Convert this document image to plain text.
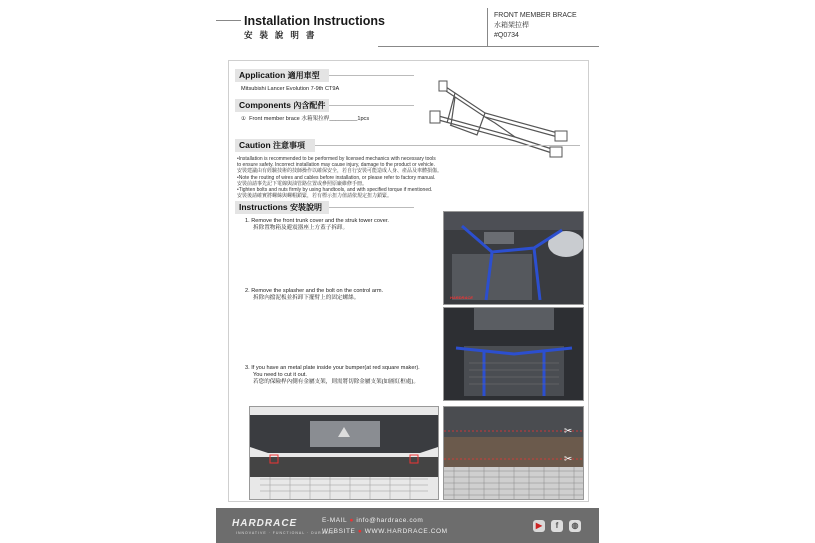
Installation Instructions
安 裝 說 明 書
FRONT MEMBER BRACE
水箱架拉桿
#Q0734
Application 適用車型
Mitsubishi Lancer Evolution 7-9th CT9A
Components 內含配件
① Front member brace 水箱架拉桿_________1pcs
Caution 注意事項
•Installation is recommended to be performed by licensed mechanics with necessary tools
to ensure safety. Incorrect installation may cause injury, damage to the product or vehicle.
安裝建議由有經驗技術的技師操作以確保安全，若自行安裝可能造成人身、產品及車體損傷。
•Note the routing of wires and cables before installation, or please refer to factory manual.
安裝前請事先記下電線與油管路位置或參照原廠維修手冊。
•Tighten bolts and nuts firmly by using handtools, and with specified torque if mentioned.
安裝後請確實將螺絲與螺帽鎖緊，若有標示扭力值請依規定扭力鎖緊。
Instructions 安裝說明
1. Remove the front trunk cover and the struk tower cover.
拆除置物箱及避震器座上方蓋子拆卸。
2. Remove the splasher and the bolt on the control arm.
拆除內擋泥板並拆卸下擺臂上的固定螺絲。
3. If you have an metal plate inside your bumper(at red square maker).
You need to cut it out.
若您的保險桿內側有金屬支架，則需將切除金屬支架(如圖紅框處)。
HARDRACE
✂
✂
HARDRACE
INNOVATIVE · FUNCTIONAL · DURABLE
E-MAIL ● info@hardrace.com
WEBSITE ● WWW.HARDRACE.COM
▶	f	◍
